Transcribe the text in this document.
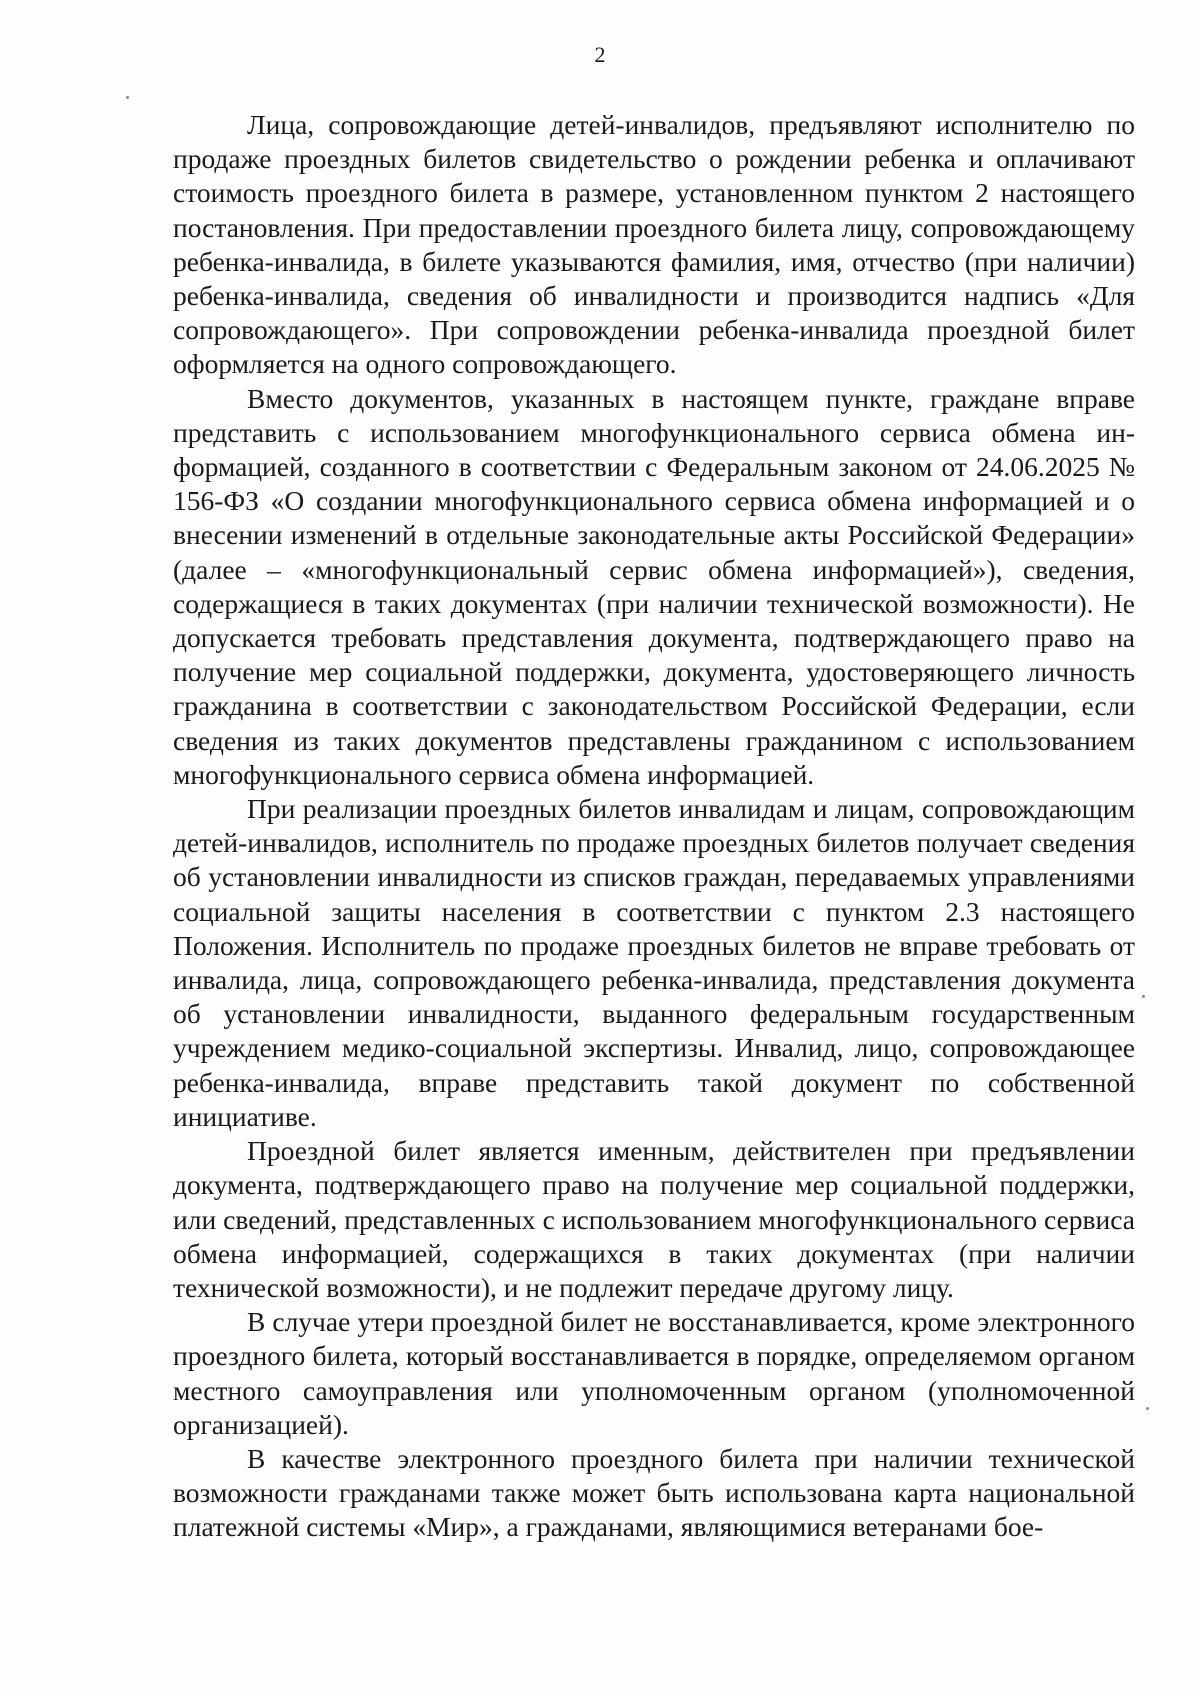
2

Лица, сопровождающие детей-инвалидов, предъявляют исполнителю по продаже проездных билетов свидетельство о рождении ребенка и оплачивают стоимость проездного билета в размере, установленном пунктом 2 настоящего постановления. При предоставлении проездного билета лицу, сопровождающему ребенка-инвалида, в билете указываются фамилия, имя, отчество (при наличии) ребенка-инвалида, сведения об инвалидности и производится надпись «Для сопровождающего». При сопровождении ребенка-инвалида проездной билет оформляется на одного сопровождающего.

Вместо документов, указанных в настоящем пункте, граждане вправе представить с использованием многофункционального сервиса обмена информацией, созданного в соответствии с Федеральным законом от 24.06.2025 № 156-ФЗ «О создании многофункционального сервиса обмена информацией и о внесении изменений в отдельные законодательные акты Российской Федерации» (далее – «многофункциональный сервис обмена информацией»), сведения, содержащиеся в таких документах (при наличии технической возможности). Не допускается требовать представления документа, подтверждающего право на получение мер социальной поддержки, документа, удостоверяющего личность гражданина в соответствии с законодательством Российской Федерации, если сведения из таких документов представлены гражданином с использованием многофункционального сервиса обмена информацией.

При реализации проездных билетов инвалидам и лицам, сопровождающим детей-инвалидов, исполнитель по продаже проездных билетов получает сведения об установлении инвалидности из списков граждан, передаваемых управлениями социальной защиты населения в соответствии с пунктом 2.3 настоящего Положения. Исполнитель по продаже проездных билетов не вправе требовать от инвалида, лица, сопровождающего ребенка-инвалида, представления документа об установлении инвалидности, выданного федеральным государственным учреждением медико-социальной экспертизы. Инвалид, лицо, сопровождающее ребенка-инвалида, вправе представить такой документ по собственной инициативе.

Проездной билет является именным, действителен при предъявлении документа, подтверждающего право на получение мер социальной поддержки, или сведений, представленных с использованием многофункционального сервиса обмена информацией, содержащихся в таких документах (при наличии технической возможности), и не подлежит передаче другому лицу.

В случае утери проездной билет не восстанавливается, кроме электронного проездного билета, который восстанавливается в порядке, определяемом органом местного самоуправления или уполномоченным органом (уполномоченной организацией).

В качестве электронного проездного билета при наличии технической возможности гражданами также может быть использована карта национальной платежной системы «Мир», а гражданами, являющимися ветеранами бое-
